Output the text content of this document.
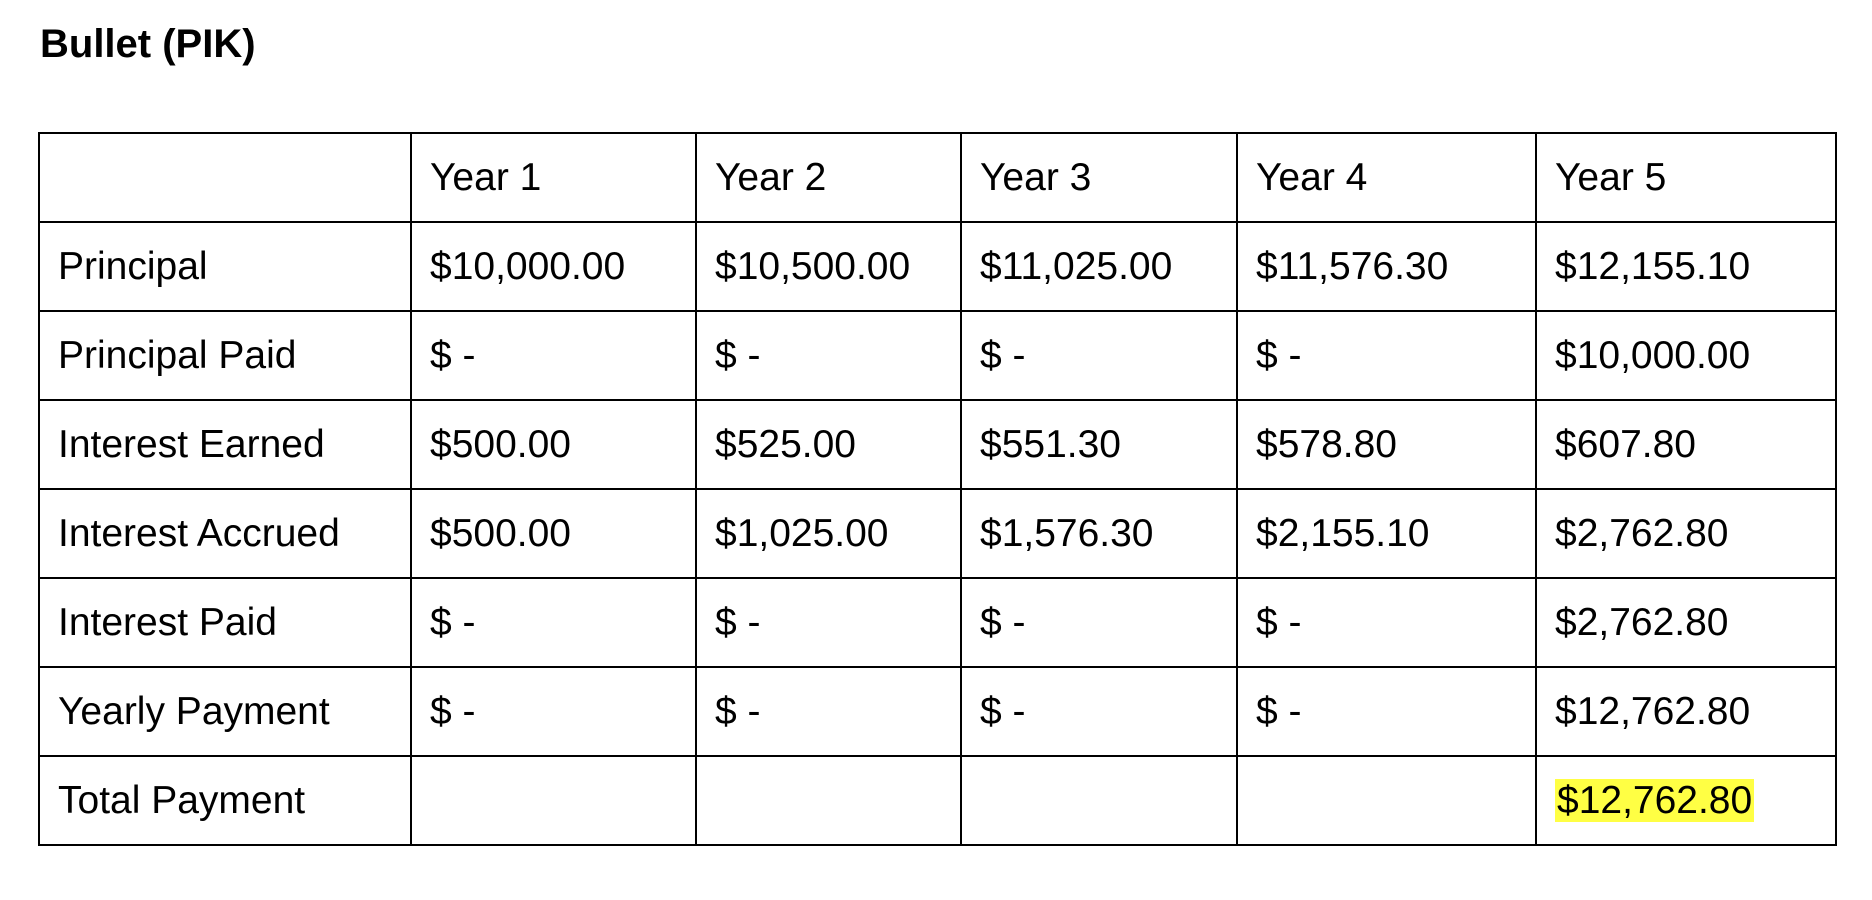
Bullet (PIK)
	Year 1	Year 2	Year 3	Year 4	Year 5
Principal	$10,000.00	$10,500.00	$11,025.00	$11,576.30	$12,155.10
Principal Paid	$ -	$ -	$ -	$ -	$10,000.00
Interest Earned	$500.00	$525.00	$551.30	$578.80	$607.80
Interest Accrued	$500.00	$1,025.00	$1,576.30	$2,155.10	$2,762.80
Interest Paid	$ -	$ -	$ -	$ -	$2,762.80
Yearly Payment	$ -	$ -	$ -	$ -	$12,762.80
Total Payment					$12,762.80
